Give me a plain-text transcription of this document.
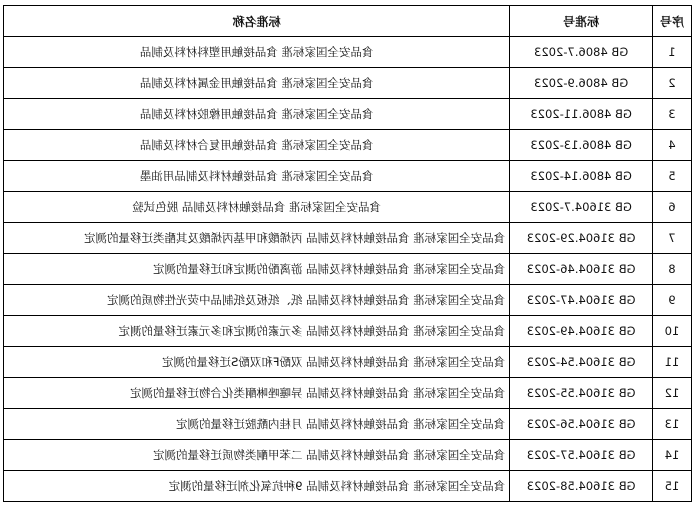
序号	标准号	标准名称
1	GB 4806.7-2023	食品安全国家标准 食品接触用塑料材料及制品
2	GB 4806.9-2023	食品安全国家标准 食品接触用金属材料及制品
3	GB 4806.11-2023	食品安全国家标准 食品接触用橡胶材料及制品
4	GB 4806.13-2023	食品安全国家标准 食品接触用复合材料及制品
5	GB 4806.14-2023	食品安全国家标准 食品接触材料及制品用油墨
6	GB 31604.7-2023	食品安全国家标准 食品接触材料及制品 脱色试验
7	GB 31604.29-2023	食品安全国家标准 食品接触材料及制品 丙烯酸和甲基丙烯酸及其酯类迁移量的测定
8	GB 31604.46-2023	食品安全国家标准 食品接触材料及制品 游离酚的测定和迁移量的测定
9	GB 31604.47-2023	食品安全国家标准 食品接触材料及制品 纸、纸板及纸制品中荧光性物质的测定
10	GB 31604.49-2023	食品安全国家标准 食品接触材料及制品 多元素的测定和多元素迁移量的测定
11	GB 31604.54-2023	食品安全国家标准 食品接触材料及制品 双酚F和双酚S迁移量的测定
12	GB 31604.55-2023	食品安全国家标准 食品接触材料及制品 异噻唑啉酮类化合物迁移量的测定
13	GB 31604.56-2023	食品安全国家标准 食品接触材料及制品 月桂内酰胺迁移量的测定
14	GB 31604.57-2023	食品安全国家标准 食品接触材料及制品 二苯甲酮类物质迁移量的测定
15	GB 31604.58-2023	食品安全国家标准 食品接触材料及制品 9种抗氧化剂迁移量的测定
